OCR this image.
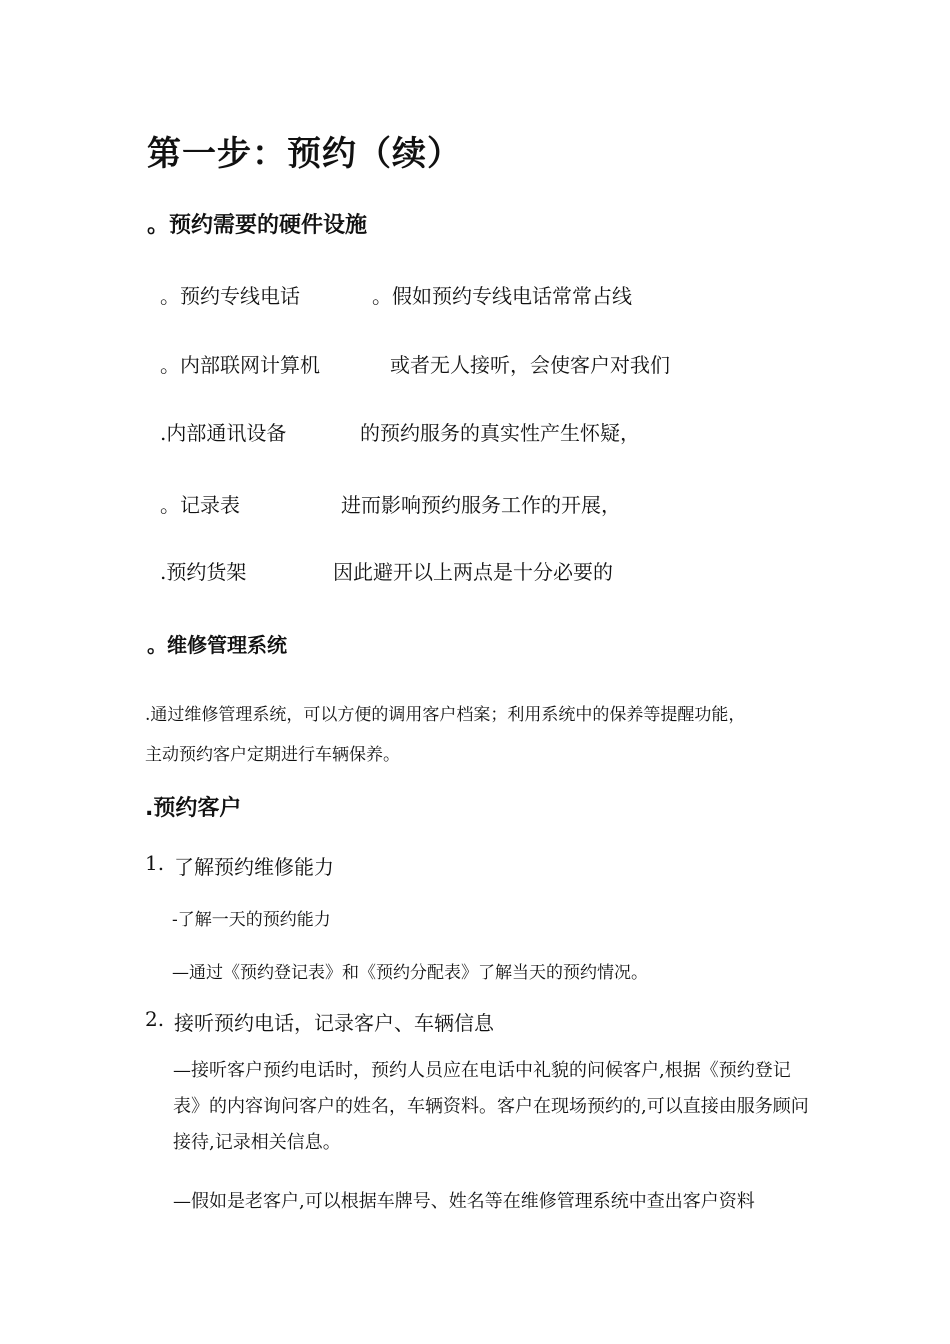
第一步：预约（续）
。预约需要的硬件设施
。预约专线电话	。假如预约专线电话常常占线
。内部联网计算机	或者无人接听，会使客户对我们
.内部通讯设备	的预约服务的真实性产生怀疑，
。记录表	进而影响预约服务工作的开展，
.预约货架	因此避开以上两点是十分必要的
。维修管理系统
.通过维修管理系统，可以方便的调用客户档案；利用系统中的保养等提醒功能，
主动预约客户定期进行车辆保养。
.预约客户
1. 了解预约维修能力
-了解一天的预约能力
—通过《预约登记表》和《预约分配表》了解当天的预约情况。
2. 接听预约电话，记录客户、车辆信息
—接听客户预约电话时，预约人员应在电话中礼貌的问候客户,根据《预约登记表》的内容询问客户的姓名，车辆资料。客户在现场预约的,可以直接由服务顾问接待,记录相关信息。
—假如是老客户,可以根据车牌号、姓名等在维修管理系统中查出客户资料
